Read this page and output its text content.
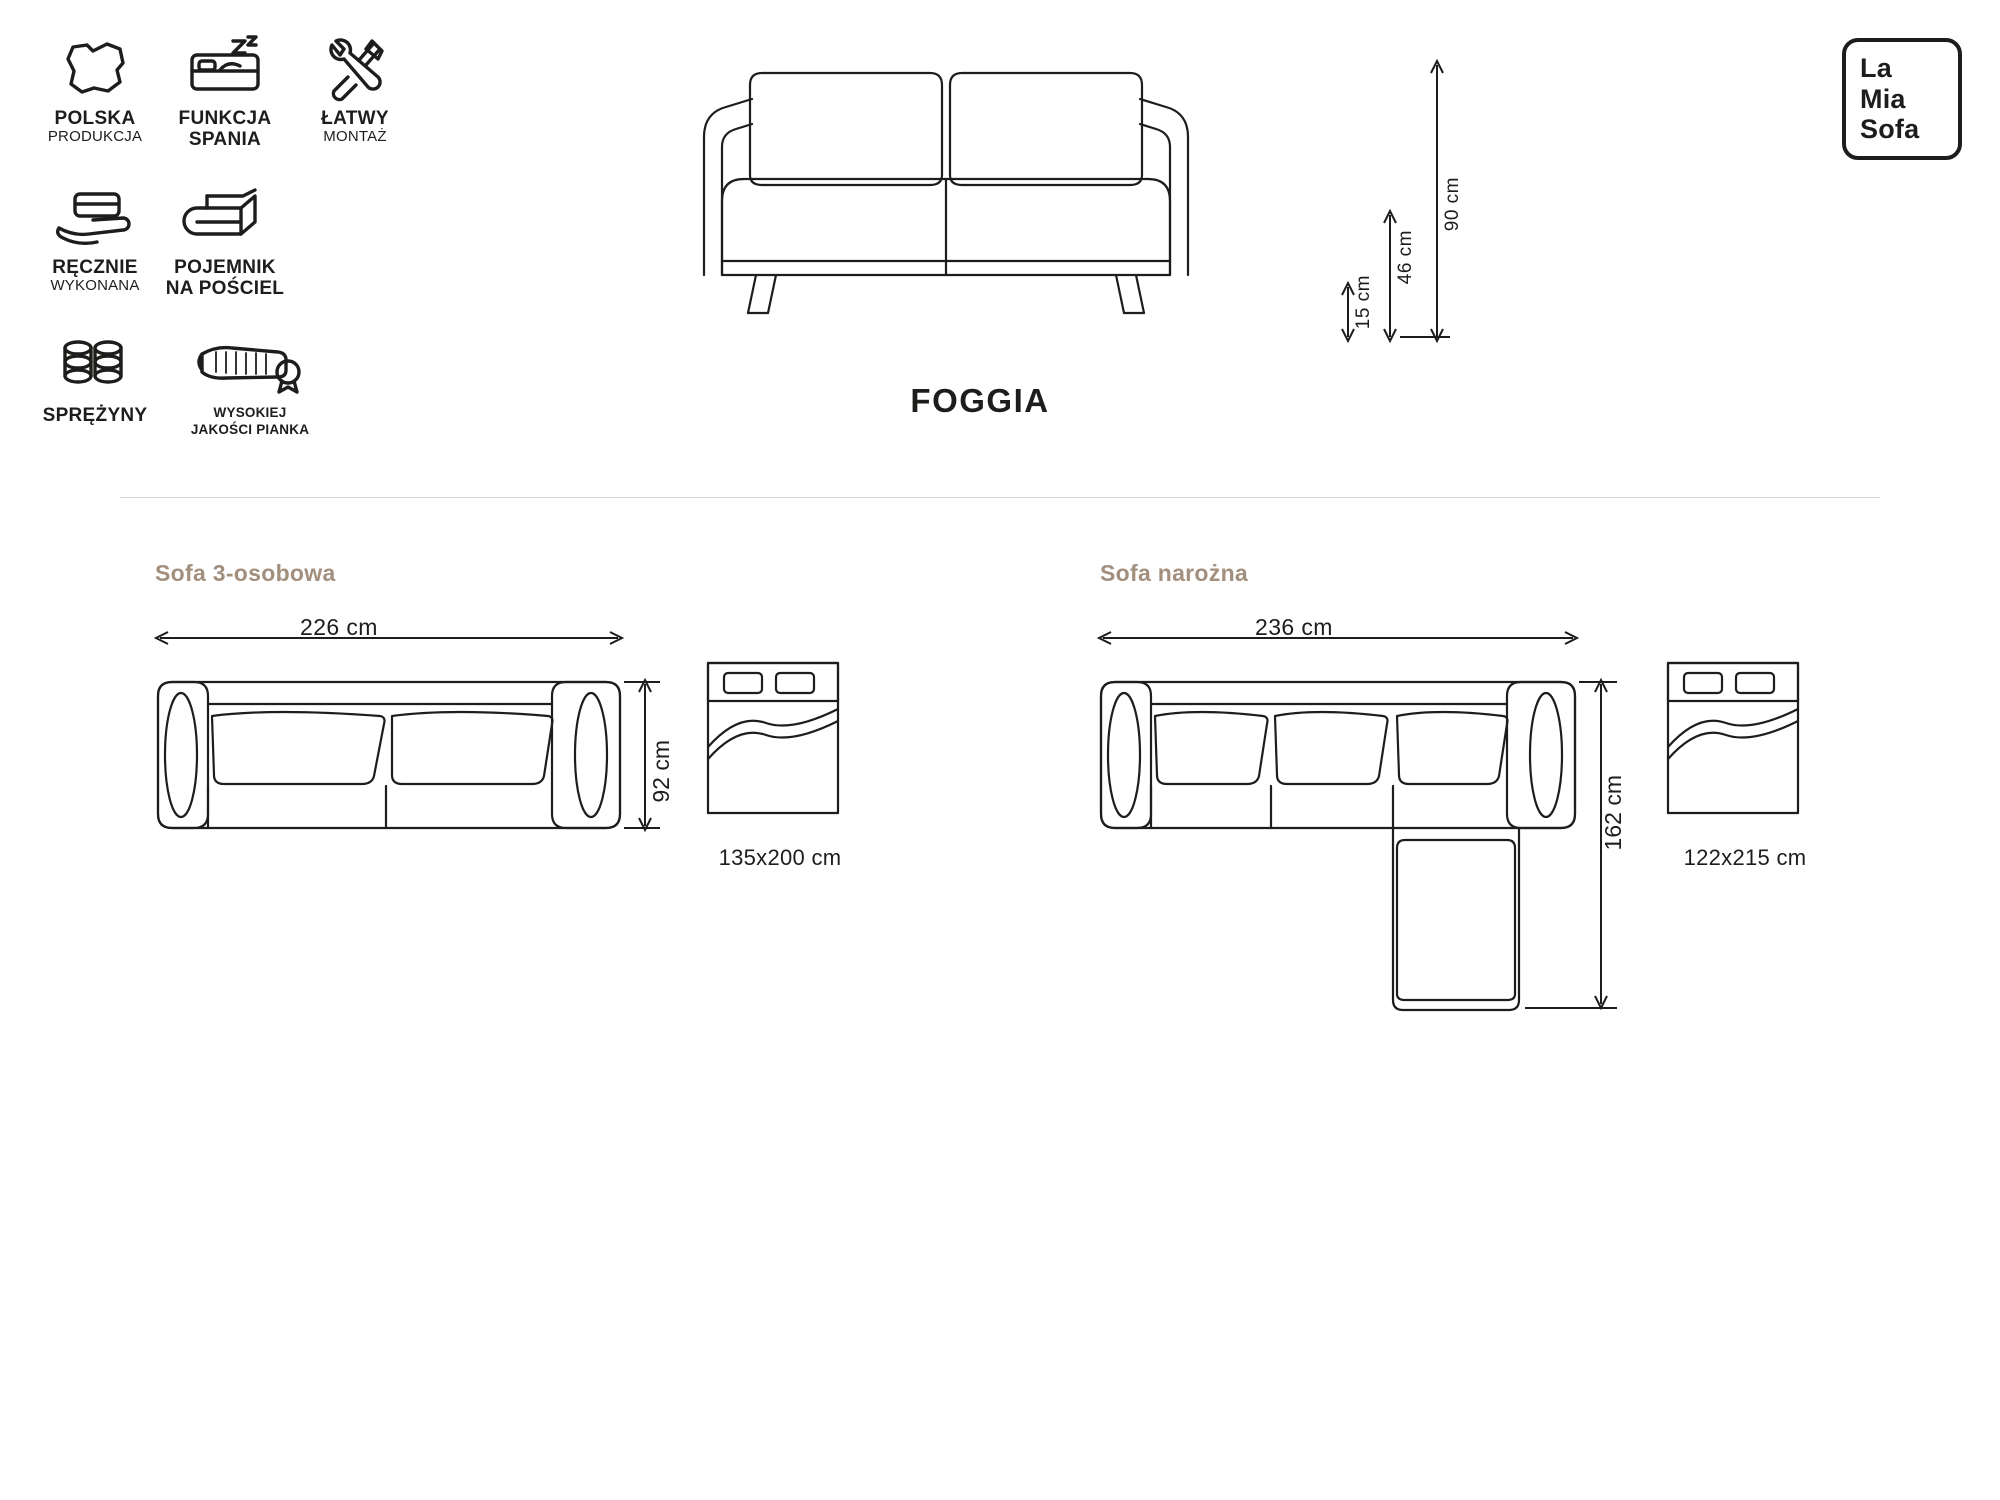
POLSKA
PRODUKCJA
FUNKCJA
SPANIA
ŁATWY
MONTAŻ
RĘCZNIE
WYKONANA
POJEMNIK
NA POŚCIEL
SPRĘŻYNY	WYSOKIEJ
JAKOŚCI PIANKA
La
Mia
Sofa
FOGGIA
90 cm
46 cm
15 cm
Sofa 3-osobowa
226 cm
92 cm
135x200 cm
Sofa narożna
236 cm
162 cm
122x215 cm
